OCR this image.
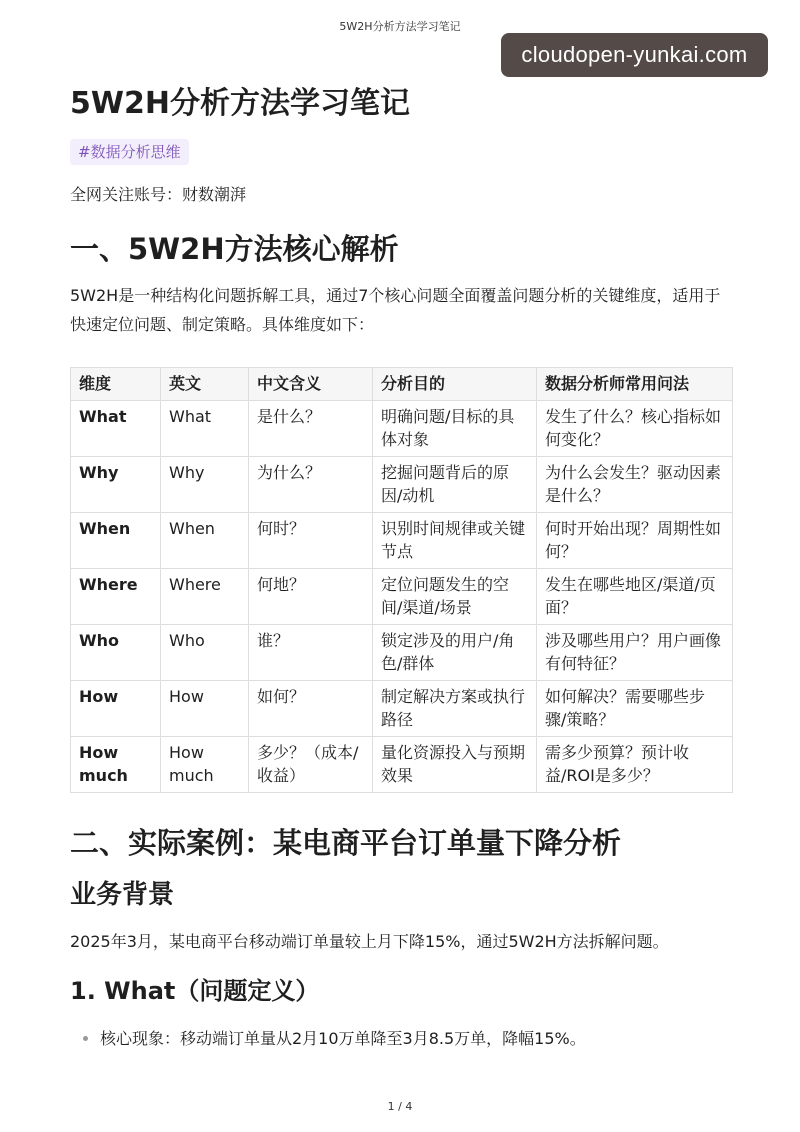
5W2H分析方法学习笔记
cloudopen-yunkai.com
5W2H分析方法学习笔记
#数据分析思维
全网关注账号：财数潮湃
一、5W2H方法核心解析

5W2H是一种结构化问题拆解工具，通过7个核心问题全面覆盖问题分析的关键维度，适用于快速定位问题、制定策略。具体维度如下：

维度	英文	中文含义	分析目的	数据分析师常用问法
What	What	是什么？	明确问题/目标的具体对象	发生了什么？核心指标如何变化？
Why	Why	为什么？	挖掘问题背后的原因/动机	为什么会发生？驱动因素是什么？
When	When	何时？	识别时间规律或关键节点	何时开始出现？周期性如何？
Where	Where	何地？	定位问题发生的空间/渠道/场景	发生在哪些地区/渠道/页面？
Who	Who	谁？	锁定涉及的用户/角色/群体	涉及哪些用户？用户画像有何特征？
How	How	如何？	制定解决方案或执行路径	如何解决？需要哪些步骤/策略？
How much	How much	多少？（成本/收益）	量化资源投入与预期效果	需多少预算？预计收益/ROI是多少？
二、实际案例：某电商平台订单量下降分析
业务背景

2025年3月，某电商平台移动端订单量较上月下降15%，通过5W2H方法拆解问题。

1. What（问题定义）
• 核心现象：移动端订单量从2月10万单降至3月8.5万单，降幅15%。
1 / 4
